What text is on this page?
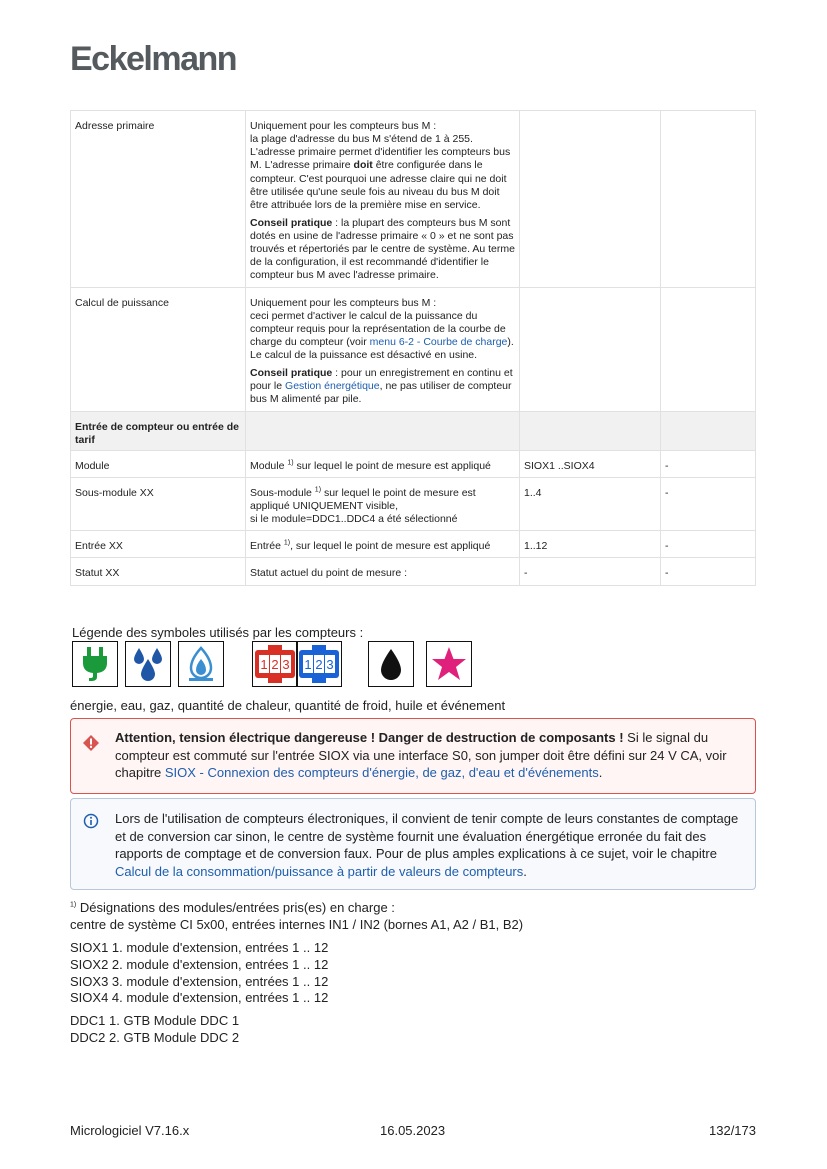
Eckelmann
Adresse primaire	Uniquement pour les compteurs bus M :
la plage d'adresse du bus M s'étend de 1 à 255.
L'adresse primaire permet d'identifier les compteurs bus M. L'adresse primaire doit être configurée dans le compteur. C'est pourquoi une adresse claire qui ne doit être utilisée qu'une seule fois au niveau du bus M doit être attribuée lors de la première mise en service.

Conseil pratique : la plupart des compteurs bus M sont dotés en usine de l'adresse primaire « 0 » et ne sont pas trouvés et répertoriés par le centre de système. Au terme de la configuration, il est recommandé d'identifier le compteur bus M avec l'adresse primaire.		

Calcul de puissance	Uniquement pour les compteurs bus M :
ceci permet d'activer le calcul de la puissance du compteur requis pour la représentation de la courbe de charge du compteur (voir menu 6-2 - Courbe de charge). Le calcul de la puissance est désactivé en usine.

Conseil pratique : pour un enregistrement en continu et pour le Gestion énergétique, ne pas utiliser de compteur bus M alimenté par pile.		

Entrée de compteur ou entrée de tarif			
Module	Module $^{1)}$ sur lequel le point de mesure est appliqué	SIOX1 ..SIOX4	-
Sous-module XX	Sous-module $^{1)}$ sur lequel le point de mesure est appliqué UNIQUEMENT visible,
si le module=DDC1..DDC4 a été sélectionné	1..4	-
Entrée XX	Entrée $^{1)}$, sur lequel le point de mesure est appliqué	1..12	-
Statut XX	Statut actuel du point de mesure :	-	-
Légende des symboles utilisés par les compteurs :
1 2 3 1 2 3
énergie, eau, gaz, quantité de chaleur, quantité de froid, huile et événement
Attention, tension électrique dangereuse ! Danger de destruction de composants ! Si le signal du compteur est commuté sur l'entrée SIOX via une interface S0, son jumper doit être défini sur 24 V CA, voir chapitre SIOX - Connexion des compteurs d'énergie, de gaz, d'eau et d'événements.
Lors de l'utilisation de compteurs électroniques, il convient de tenir compte de leurs constantes de comptage et de conversion car sinon, le centre de système fournit une évaluation énergétique erronée du fait des rapports de comptage et de conversion faux. Pour de plus amples explications à ce sujet, voir le chapitre Calcul de la consommation/puissance à partir de valeurs de compteurs.
$^{1)}$ Désignations des modules/entrées pris(es) en charge :
centre de système CI 5x00, entrées internes IN1 / IN2 (bornes A1, A2 / B1, B2)
SIOX1 1. module d'extension, entrées 1 .. 12
SIOX2 2. module d'extension, entrées 1 .. 12
SIOX3 3. module d'extension, entrées 1 .. 12
SIOX4 4. module d'extension, entrées 1 .. 12
DDC1 1. GTB Module DDC 1
DDC2 2. GTB Module DDC 2
Micrologiciel V7.16.x	16.05.2023	132/173
